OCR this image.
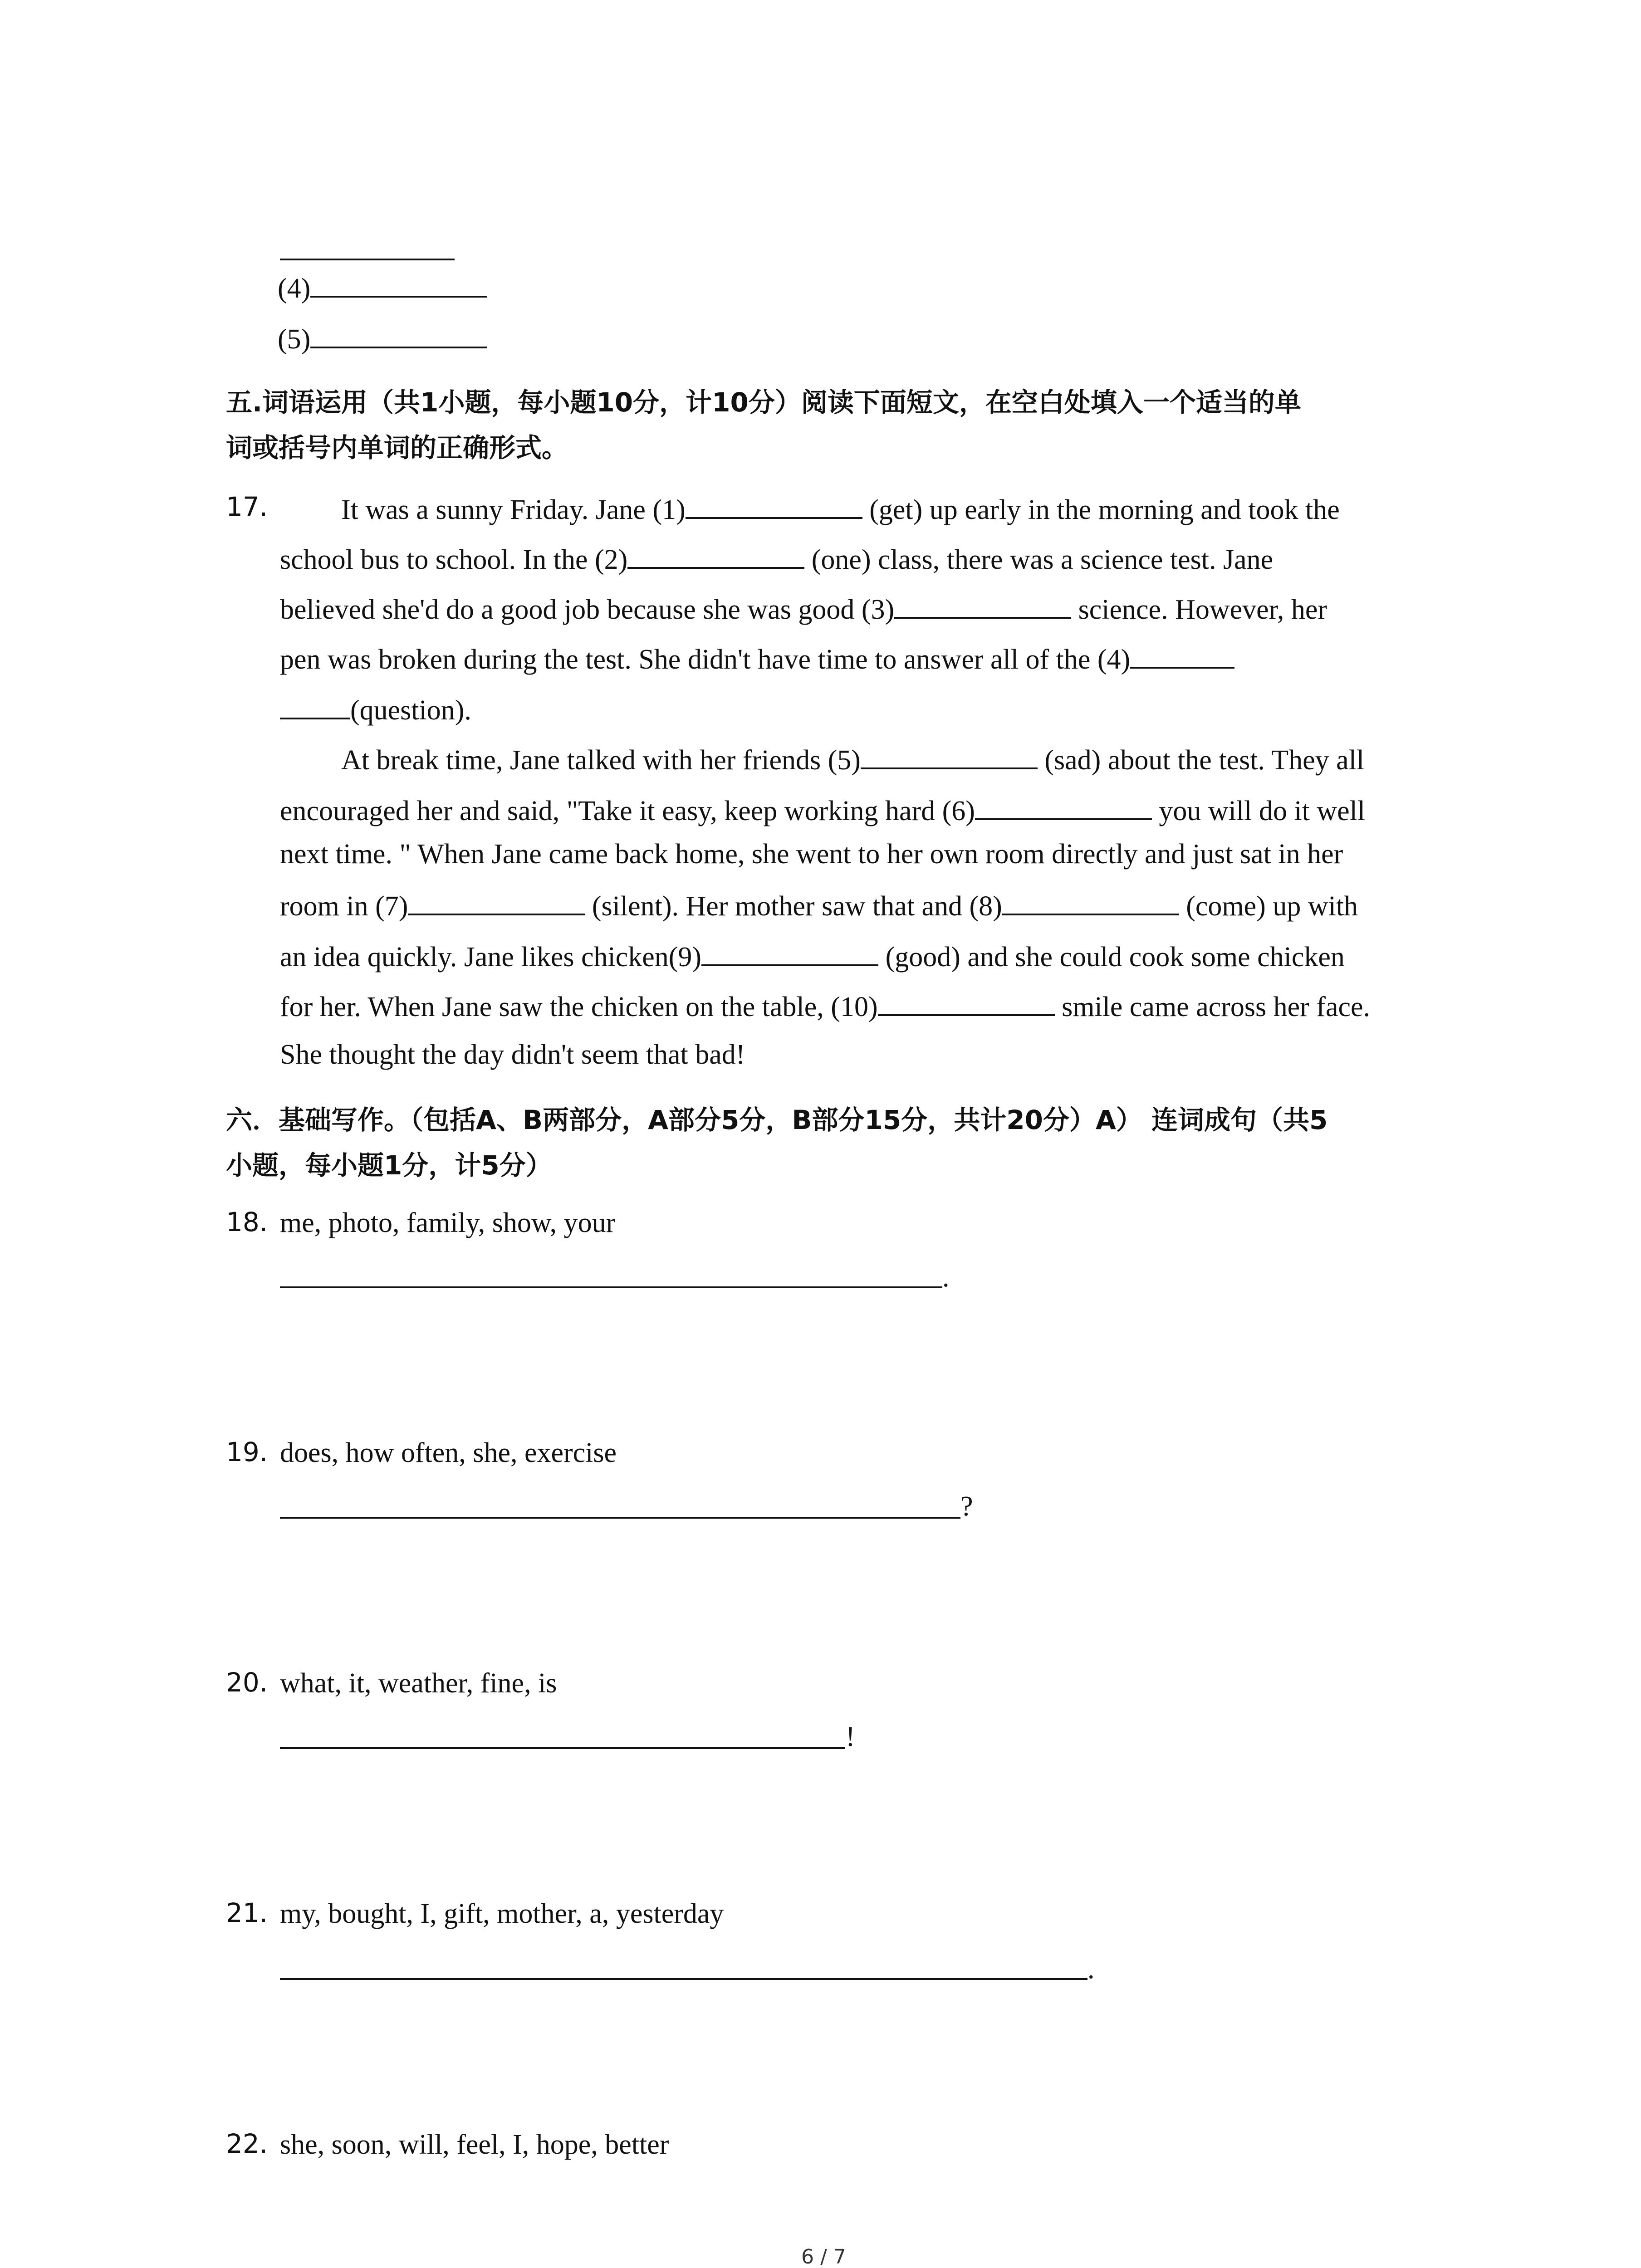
(4)
(5)
五.词语运用（共1小题，每小题10分，计10分）阅读下面短文，在空白处填入一个适当的单
词或括号内单词的正确形式。
17.	It was a sunny Friday. Jane (1)	(get) up early in the morning and took the
school bus to school. In the (2)	(one) class, there was a science test. Jane
believed she'd do a good job because she was good (3)	science. However, her
pen was broken during the test. She didn't have time to answer all of the (4)
(question).
At break time, Jane talked with her friends (5)	(sad) about the test. They all
encouraged her and said, "Take it easy, keep working hard (6)	you will do it well
next time. " When Jane came back home, she went to her own room directly and just sat in her
room in (7)	(silent). Her mother saw that and (8)	(come) up with
an idea quickly. Jane likes chicken(9)	(good) and she could cook some chicken
for her. When Jane saw the chicken on the table, (10)	smile came across her face.
She thought the day didn't seem that bad!
六．基础写作。（包括A、B两部分，A部分5分，B部分15分，共计20分）A） 连词成句（共5
小题，每小题1分，计5分）
18. me, photo, family, show, your
.
19. does, how often, she, exercise
?
20. what, it, weather, fine, is
!
21. my, bought, I, gift, mother, a, yesterday
.
22. she, soon, will, feel, I, hope, better
6 / 7
